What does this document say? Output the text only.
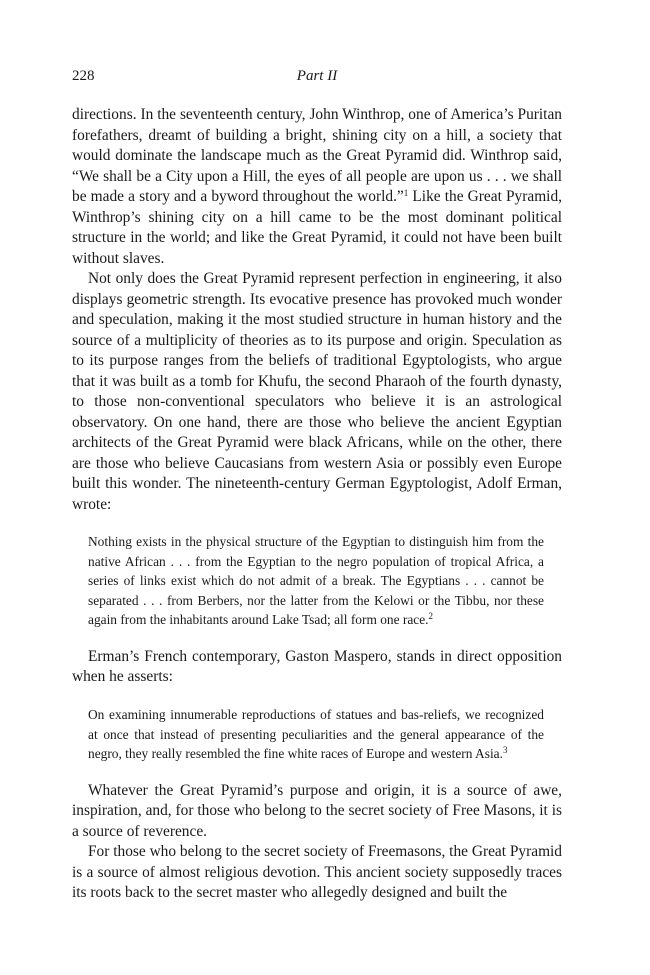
228	Part II

directions. In the seventeenth century, John Winthrop, one of America’s Puritan forefathers, dreamt of building a bright, shining city on a hill, a society that would dominate the landscape much as the Great Pyramid did. Winthrop said, “We shall be a City upon a Hill, the eyes of all people are upon us . . . we shall be made a story and a byword throughout the world.”$^1$ Like the Great Pyramid, Winthrop’s shining city on a hill came to be the most dominant political structure in the world; and like the Great Pyramid, it could not have been built without slaves.

Not only does the Great Pyramid represent perfection in engineering, it also displays geometric strength. Its evocative presence has provoked much wonder and speculation, making it the most studied structure in human history and the source of a multiplicity of theories as to its purpose and origin. Speculation as to its purpose ranges from the beliefs of traditional Egyptologists, who argue that it was built as a tomb for Khufu, the second Pharaoh of the fourth dynasty, to those non-conventional speculators who believe it is an astrological observatory. On one hand, there are those who believe the ancient Egyptian architects of the Great Pyramid were black Africans, while on the other, there are those who believe Caucasians from western Asia or possibly even Europe built this wonder. The nineteenth-century German Egyptologist, Adolf Erman, wrote:

Nothing exists in the physical structure of the Egyptian to distinguish him from the native African . . . from the Egyptian to the negro population of tropical Africa, a series of links exist which do not admit of a break. The Egyptians . . . cannot be separated . . . from Berbers, nor the latter from the Kelowi or the Tibbu, nor these again from the inhabitants around Lake Tsad; all form one race.$^2$

Erman’s French contemporary, Gaston Maspero, stands in direct opposition when he asserts:

On examining innumerable reproductions of statues and bas-reliefs, we recognized at once that instead of presenting peculiarities and the general appearance of the negro, they really resembled the fine white races of Europe and western Asia.$^3$

Whatever the Great Pyramid’s purpose and origin, it is a source of awe, inspiration, and, for those who belong to the secret society of Free Masons, it is a source of reverence.

For those who belong to the secret society of Freemasons, the Great Pyramid is a source of almost religious devotion. This ancient society supposedly traces its roots back to the secret master who allegedly designed and built the
